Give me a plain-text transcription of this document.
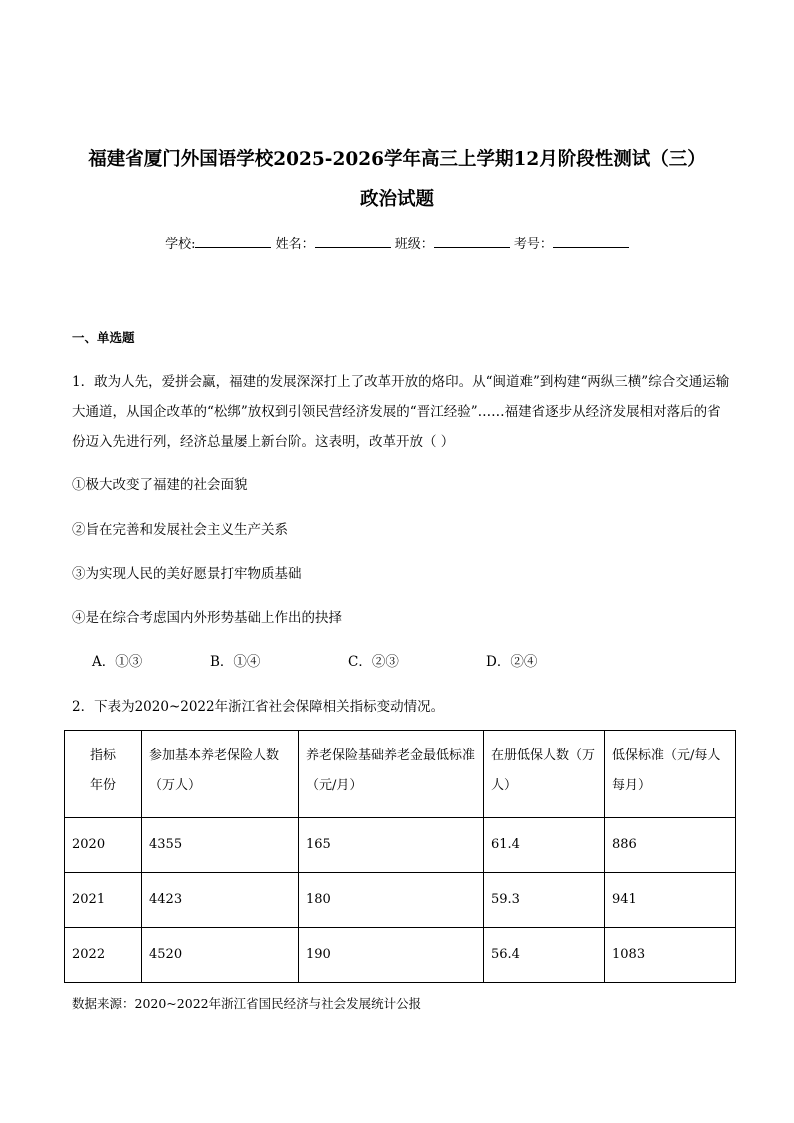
福建省厦门外国语学校2025-2026学年高三上学期12月阶段性测试（三）
政治试题
学校:	姓名：	班级：	考号：
一、单选题
1．敢为人先，爱拼会赢，福建的发展深深打上了改革开放的烙印。从“闽道难”到构建“两纵三横”综合交通运输大通道，从国企改革的“松绑”放权到引领民营经济发展的“晋江经验”……福建省逐步从经济发展相对落后的省份迈入先进行列，经济总量屡上新台阶。这表明，改革开放（ ）
①极大改变了福建的社会面貌
②旨在完善和发展社会主义生产关系
③为实现人民的美好愿景打牢物质基础
④是在综合考虑国内外形势基础上作出的抉择
A．①③	B．①④	C．②③	D．②④
2．下表为2020~2022年浙江省社会保障相关指标变动情况。
指标
年份	参加基本养老保险人数（万人）	养老保险基础养老金最低标准（元/月）	在册低保人数（万人）	低保标准（元/每人每月）
2020	4355	165	61.4	886
2021	4423	180	59.3	941
2022	4520	190	56.4	1083
数据来源：2020~2022年浙江省国民经济与社会发展统计公报
